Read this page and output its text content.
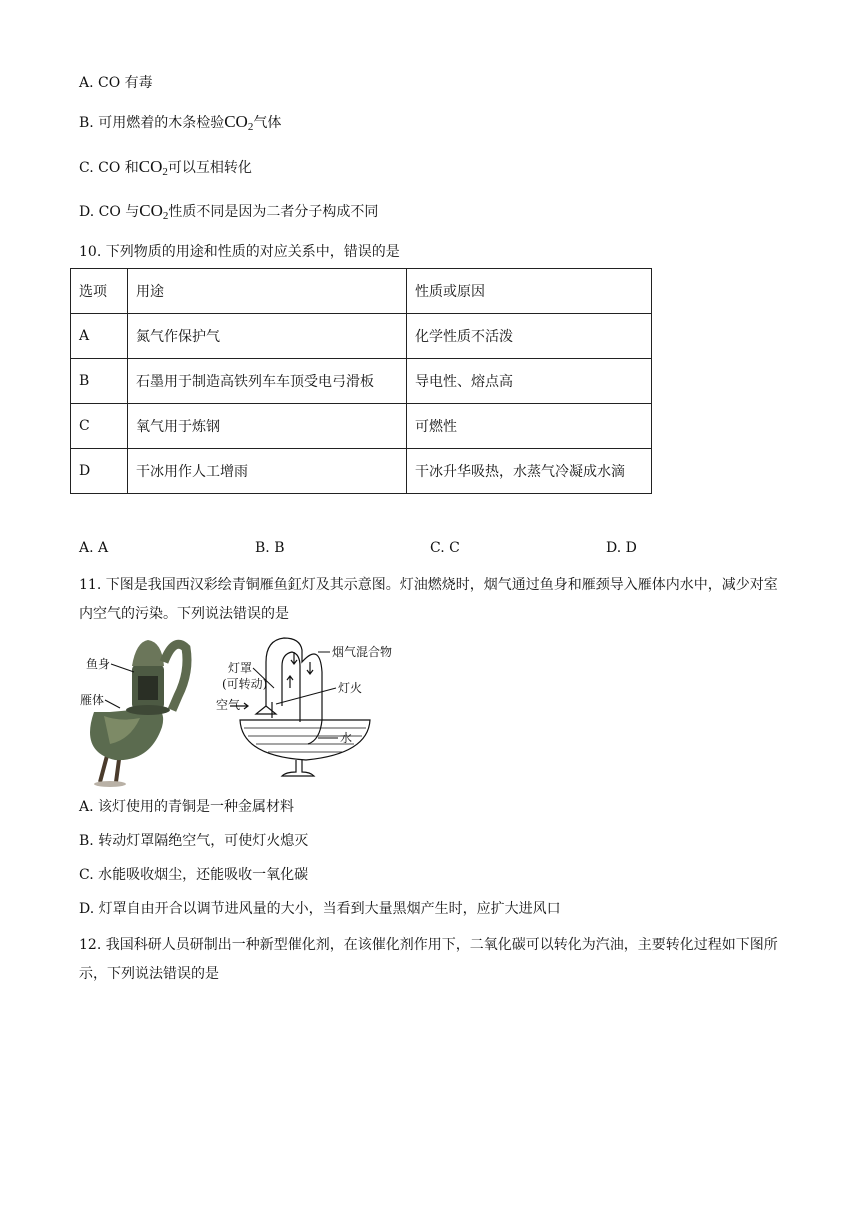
A. CO 有毒
B. 可用燃着的木条检验$CO_2$气体
C. CO 和$CO_2$可以互相转化
D. CO 与$CO_2$性质不同是因为二者分子构成不同
10. 下列物质的用途和性质的对应关系中，错误的是
选项	用途	性质或原因
A	氮气作保护气	化学性质不活泼
B	石墨用于制造高铁列车车顶受电弓滑板	导电性、熔点高
C	氧气用于炼钢	可燃性
D	干冰用作人工增雨	干冰升华吸热，水蒸气冷凝成水滴
A. A	B. B	C. C	D. D
11. 下图是我国西汉彩绘青铜雁鱼釭灯及其示意图。灯油燃烧时，烟气通过鱼身和雁颈导入雁体内水中，减少对室内空气的污染。下列说法错误的是
鱼身
雁体
灯罩
(可转动)
空气
烟气混合物
灯火
水
A. 该灯使用的青铜是一种金属材料
B. 转动灯罩隔绝空气，可使灯火熄灭
C. 水能吸收烟尘，还能吸收一氧化碳
D. 灯罩自由开合以调节进风量的大小，当看到大量黑烟产生时，应扩大进风口
12. 我国科研人员研制出一种新型催化剂，在该催化剂作用下，二氧化碳可以转化为汽油，主要转化过程如下图所示，下列说法错误的是
